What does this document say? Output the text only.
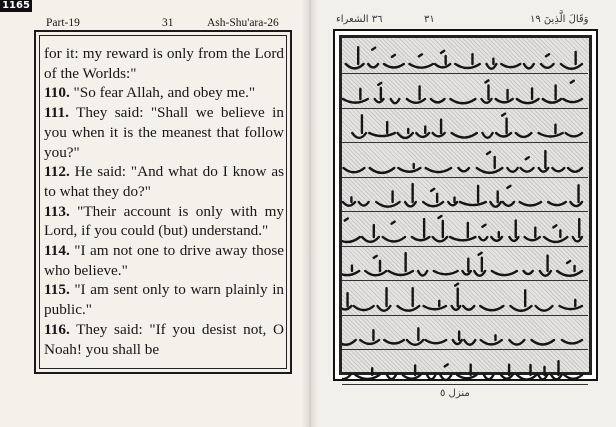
1165
Part-19	31	Ash-Shu'ara-26

for it: my reward is only from the Lord of the Worlds:"

110. "So fear Allah, and obey me."

111. They said: "Shall we believe in you when it is the meanest that follow you?"

112. He said: "And what do I know as to what they do?"

113. "Their account is only with my Lord, if you could (but) understand."

114. "I am not one to drive away those who believe."

115. "I am sent only to warn plainly in public."

116. They said: "If you desist not, O Noah! you shall be

٣٦ الشعراء	٣١	وَقَالَ الَّذِينَ ١٩
منزل ٥
